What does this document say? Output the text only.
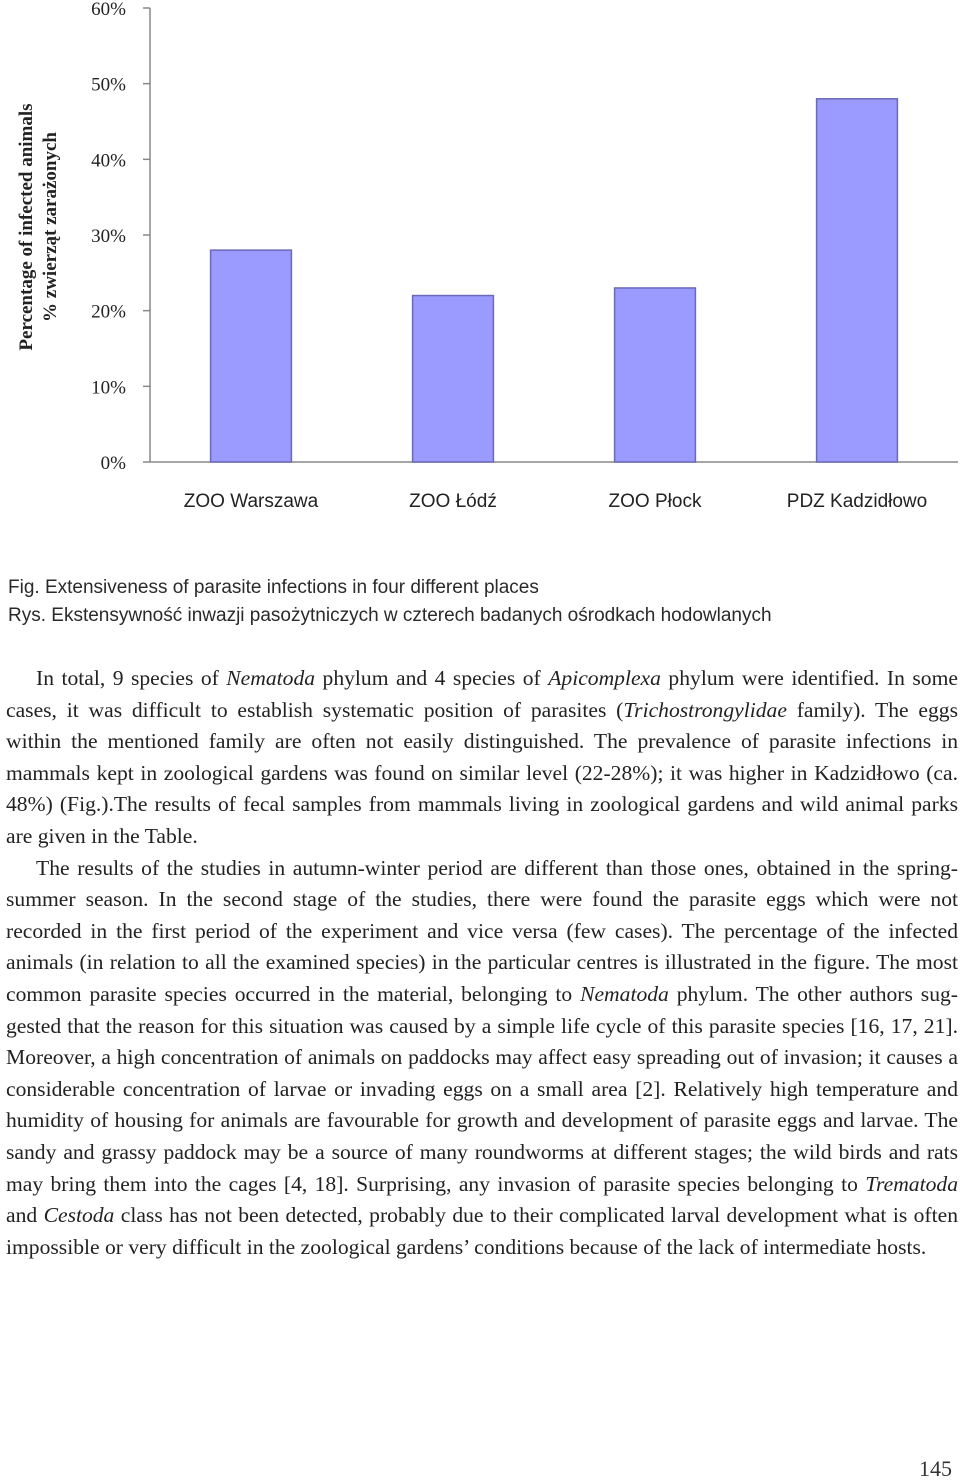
Percentage of infected animals % zwierząt zarażonych
0%
10%
20%
30%
40%
50%
60%
ZOO Warszawa	ZOO Łódź	ZOO Płock	PDZ Kadzidłowo
Fig. Extensiveness of parasite infections in four different places
Rys. Ekstensywność inwazji pasożytniczych w czterech badanych ośrodkach hodowlanych

In total, 9 species of Nematoda phylum and 4 species of Apicomplexa phylum were identified. In some cases, it was difficult to establish systematic position of parasites (Trichostrongylidae family). The eggs within the mentioned family are often not easily distinguished. The prevalence of parasite infections in mammals kept in zoological gardens was found on similar level (22-28%); it was higher in Kadzidłowo (ca. 48%) (Fig.).The results of fecal samples from mammals living in zoological gardens and wild animal parks are given in the Table.

The results of the studies in autumn-winter period are different than those ones, obtained in the spring-summer season. In the second stage of the studies, there were found the parasite eggs which were not recorded in the first period of the experiment and vice versa (few cases). The percentage of the infected animals (in relation to all the examined species) in the particular centres is illustrated in the figure. The most common parasite species occurred in the material, belonging to Nematoda phylum. The other authors suggested that the reason for this situation was caused by a simple life cycle of this parasite species [16, 17, 21]. Moreover, a high concentration of animals on paddocks may affect easy spreading out of invasion; it causes a considerable concentration of larvae or invading eggs on a small area [2]. Relatively high temperature and humidity of housing for animals are favourable for growth and development of parasite eggs and larvae. The sandy and grassy paddock may be a source of many roundworms at different stages; the wild birds and rats may bring them into the cages [4, 18]. Surprising, any invasion of parasite species belonging to Trematoda and Cestoda class has not been detected, probably due to their complicated larval development what is often impossible or very difficult in the zoological gardens’ conditions because of the lack of intermediate hosts.

145
